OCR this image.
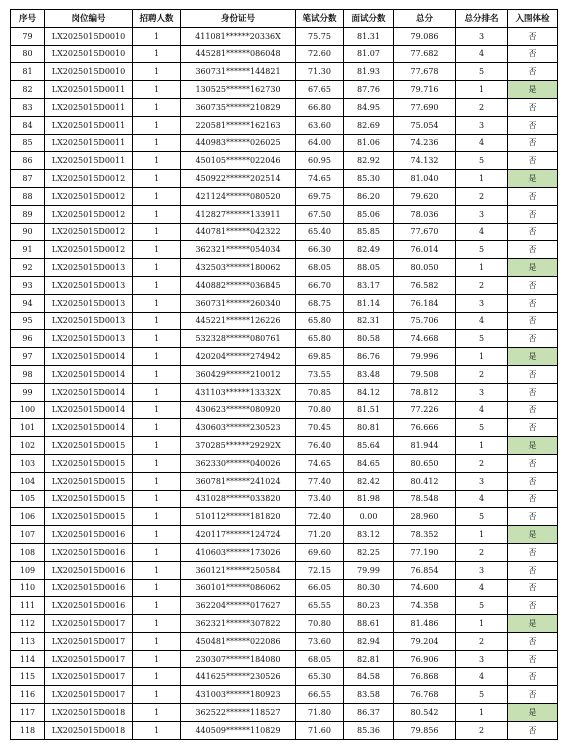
序号	岗位编号	招聘人数	身份证号	笔试分数	面试分数	总分	总分排名	入围体检
79	LX2025015D0010	1	411081******20336X	75.75	81.31	79.086	3	否
80	LX2025015D0010	1	445281******086048	72.60	81.07	77.682	4	否
81	LX2025015D0010	1	360731******144821	71.30	81.93	77.678	5	否
82	LX2025015D0011	1	130525******162730	67.65	87.76	79.716	1	是
83	LX2025015D0011	1	360735******210829	66.80	84.95	77.690	2	否
84	LX2025015D0011	1	220581******162163	63.60	82.69	75.054	3	否
85	LX2025015D0011	1	440983******026025	64.00	81.06	74.236	4	否
86	LX2025015D0011	1	450105******022046	60.95	82.92	74.132	5	否
87	LX2025015D0012	1	450922******202514	74.65	85.30	81.040	1	是
88	LX2025015D0012	1	421124******080520	69.75	86.20	79.620	2	否
89	LX2025015D0012	1	412827******133911	67.50	85.06	78.036	3	否
90	LX2025015D0012	1	440781******042322	65.40	85.85	77.670	4	否
91	LX2025015D0012	1	362321******054034	66.30	82.49	76.014	5	否
92	LX2025015D0013	1	432503******180062	68.05	88.05	80.050	1	是
93	LX2025015D0013	1	440882******036845	66.70	83.17	76.582	2	否
94	LX2025015D0013	1	360731******260340	68.75	81.14	76.184	3	否
95	LX2025015D0013	1	445221******126226	65.80	82.31	75.706	4	否
96	LX2025015D0013	1	532328******080761	65.80	80.58	74.668	5	否
97	LX2025015D0014	1	420204******274942	69.85	86.76	79.996	1	是
98	LX2025015D0014	1	360429******210012	73.55	83.48	79.508	2	否
99	LX2025015D0014	1	431103******13332X	70.85	84.12	78.812	3	否
100	LX2025015D0014	1	430623******080920	70.80	81.51	77.226	4	否
101	LX2025015D0014	1	430603******230523	70.45	80.81	76.666	5	否
102	LX2025015D0015	1	370285******29292X	76.40	85.64	81.944	1	是
103	LX2025015D0015	1	362330******040026	74.65	84.65	80.650	2	否
104	LX2025015D0015	1	360781******241024	77.40	82.42	80.412	3	否
105	LX2025015D0015	1	431028******033820	73.40	81.98	78.548	4	否
106	LX2025015D0015	1	510112******181820	72.40	0.00	28.960	5	否
107	LX2025015D0016	1	420117******124724	71.20	83.12	78.352	1	是
108	LX2025015D0016	1	410603******173026	69.60	82.25	77.190	2	否
109	LX2025015D0016	1	360121******250584	72.15	79.99	76.854	3	否
110	LX2025015D0016	1	360101******086062	66.05	80.30	74.600	4	否
111	LX2025015D0016	1	362204******017627	65.55	80.23	74.358	5	否
112	LX2025015D0017	1	362321******307822	70.80	88.61	81.486	1	是
113	LX2025015D0017	1	450481******022086	73.60	82.94	79.204	2	否
114	LX2025015D0017	1	230307******184080	68.05	82.81	76.906	3	否
115	LX2025015D0017	1	441625******230526	65.30	84.58	76.868	4	否
116	LX2025015D0017	1	431003******180923	66.55	83.58	76.768	5	否
117	LX2025015D0018	1	362522******118527	71.80	86.37	80.542	1	是
118	LX2025015D0018	1	440509******110829	71.60	85.36	79.856	2	否
